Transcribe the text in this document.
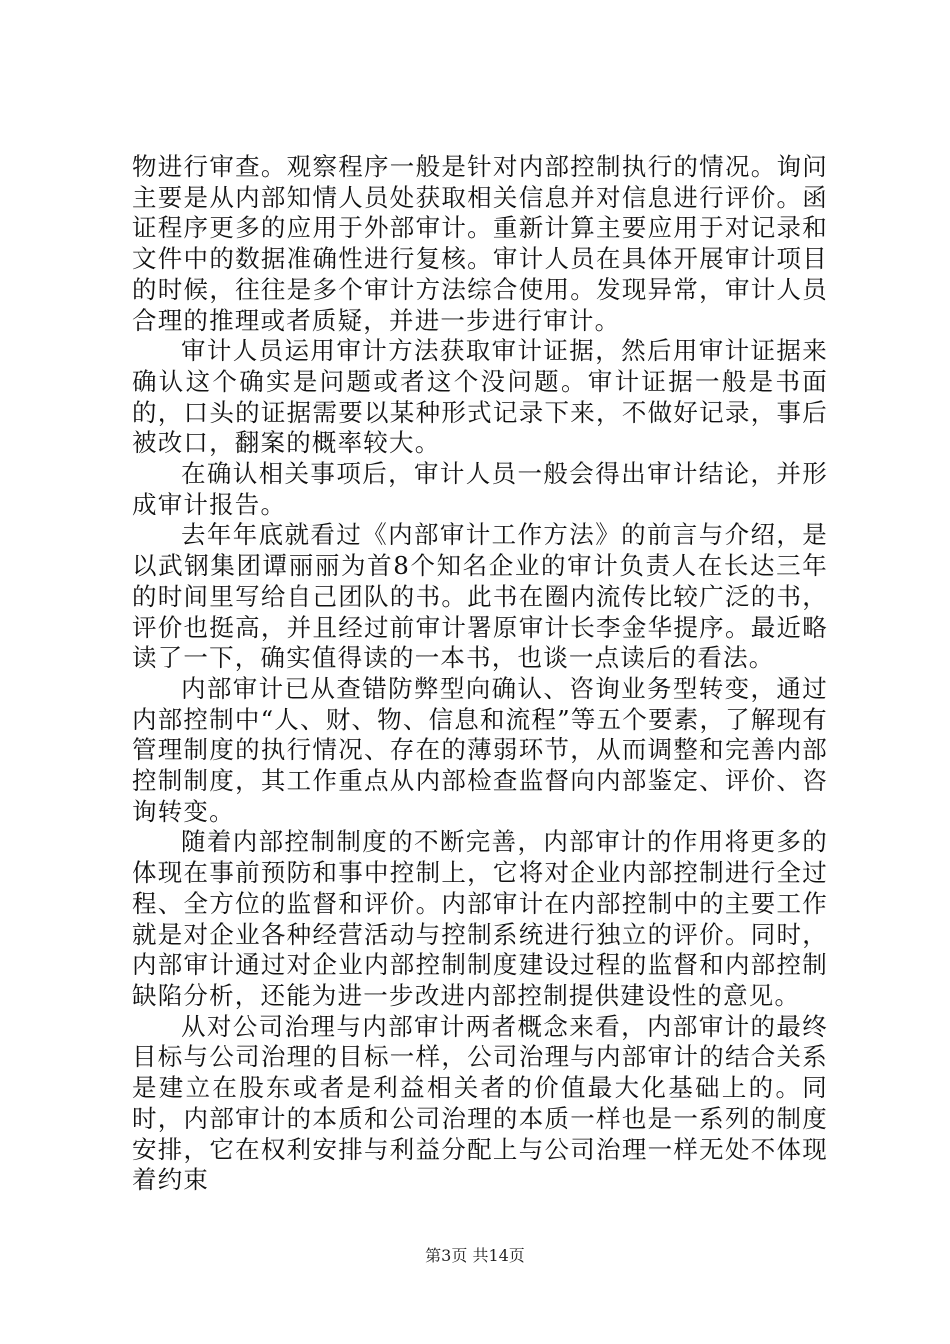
物进行审查。观察程序一般是针对内部控制执行的情况。询问主要是从内部知情人员处获取相关信息并对信息进行评价。函证程序更多的应用于外部审计。重新计算主要应用于对记录和文件中的数据准确性进行复核。审计人员在具体开展审计项目的时候，往往是多个审计方法综合使用。发现异常，审计人员合理的推理或者质疑，并进一步进行审计。

审计人员运用审计方法获取审计证据，然后用审计证据来确认这个确实是问题或者这个没问题。审计证据一般是书面的，口头的证据需要以某种形式记录下来，不做好记录，事后被改口，翻案的概率较大。

在确认相关事项后，审计人员一般会得出审计结论，并形成审计报告。

去年年底就看过《内部审计工作方法》的前言与介绍，是以武钢集团谭丽丽为首8个知名企业的审计负责人在长达三年的时间里写给自己团队的书。此书在圈内流传比较广泛的书，评价也挺高，并且经过前审计署原审计长李金华提序。最近略读了一下，确实值得读的一本书，也谈一点读后的看法。

内部审计已从查错防弊型向确认、咨询业务型转变，通过内部控制中“人、财、物、信息和流程”等五个要素，了解现有管理制度的执行情况、存在的薄弱环节，从而调整和完善内部控制制度，其工作重点从内部检查监督向内部鉴定、评价、咨询转变。

随着内部控制制度的不断完善，内部审计的作用将更多的体现在事前预防和事中控制上，它将对企业内部控制进行全过程、全方位的监督和评价。内部审计在内部控制中的主要工作就是对企业各种经营活动与控制系统进行独立的评价。同时，内部审计通过对企业内部控制制度建设过程的监督和内部控制缺陷分析，还能为进一步改进内部控制提供建设性的意见。

从对公司治理与内部审计两者概念来看，内部审计的最终目标与公司治理的目标一样，公司治理与内部审计的结合关系是建立在股东或者是利益相关者的价值最大化基础上的。同时，内部审计的本质和公司治理的本质一样也是一系列的制度安排，它在权利安排与利益分配上与公司治理一样无处不体现着约束

第3页 共14页
